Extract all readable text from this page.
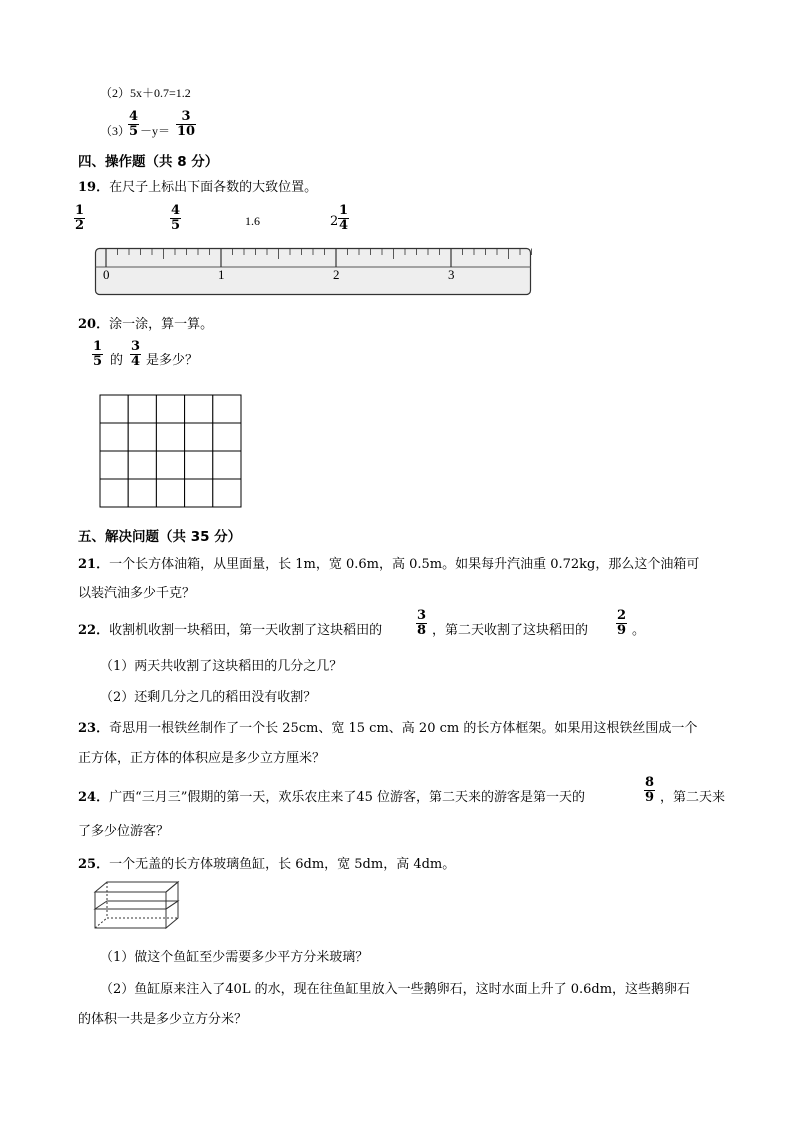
（2）5x＋0.7=1.2
（3）
$\frac{4}{5} -y= \frac{3}{10}$
四、操作题（共 8 分）
19．在尺子上标出下面各数的大致位置。
$\frac{1}{2}$	$\frac{4}{5}$	1.6	$2 \frac{1}{4}$
0	1	2	3
20．涂一涂，算一算。
$\frac{1}{5}$ 的 $\frac{3}{4}$ 是多少？
五、解决问题（共 35 分）
21．一个长方体油箱，从里面量，长 1m，宽 0.6m，高 0.5m。如果每升汽油重 0.72kg，那么这个油箱可
以装汽油多少千克？
22．收割机收割一块稻田，第一天收割了这块稻田的	$\frac{3}{8}$ ，第二天收割了这块稻田的 $\frac{2}{9}$ 。
（1）两天共收割了这块稻田的几分之几？
（2）还剩几分之几的稻田没有收割？
23．奇思用一根铁丝制作了一个长 25cm、宽 15 cm、高 20 cm 的长方体框架。如果用这根铁丝围成一个
正方体，正方体的体积应是多少立方厘米？
24．广西“三月三”假期的第一天，欢乐农庄来了45 位游客，第二天来的游客是第一天的	$\frac{8}{9}$ ，第二天来
了多少位游客？
25．一个无盖的长方体玻璃鱼缸，长 6dm，宽 5dm，高 4dm。
（1）做这个鱼缸至少需要多少平方分米玻璃？
（2）鱼缸原来注入了40L 的水，现在往鱼缸里放入一些鹅卵石，这时水面上升了 0.6dm，这些鹅卵石
的体积一共是多少立方分米？
